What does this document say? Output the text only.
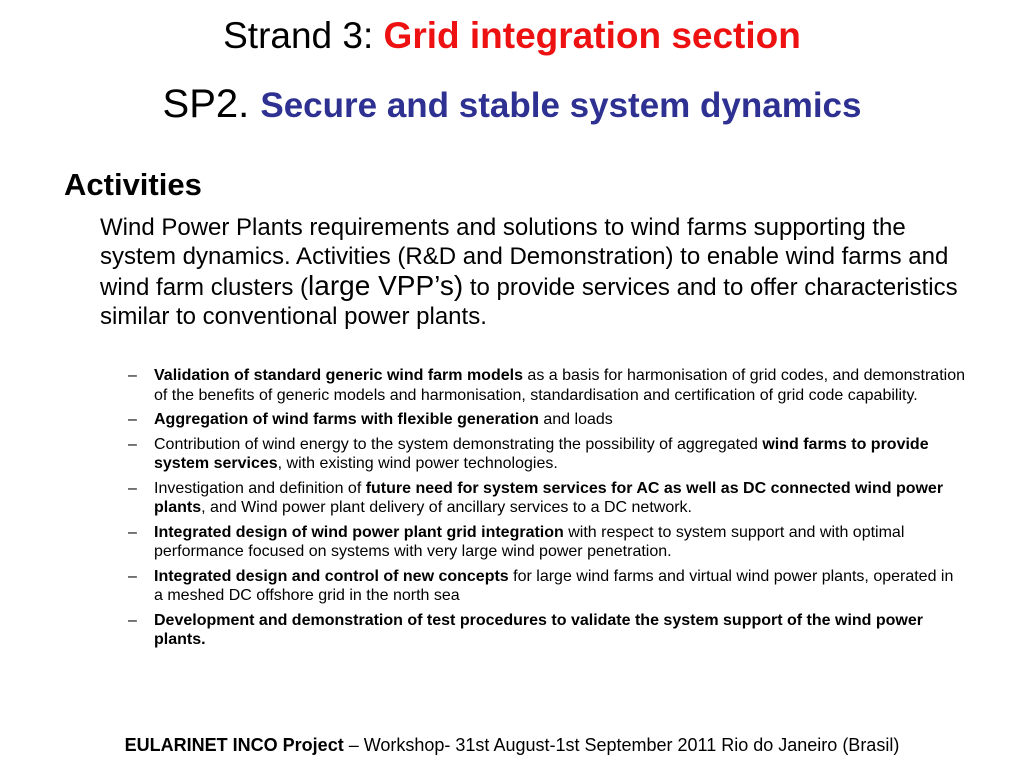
Strand 3: Grid integration section
SP2. Secure and stable system dynamics
Activities
Wind Power Plants requirements and solutions to wind farms supporting the system dynamics. Activities (R&D and Demonstration) to enable wind farms and wind farm clusters (large VPP’s) to provide services and to offer characteristics similar to conventional power plants.
– Validation of standard generic wind farm models as a basis for harmonisation of grid codes, and demonstration of the benefits of generic models and harmonisation, standardisation and certification of grid code capability.
– Aggregation of wind farms with flexible generation and loads
– Contribution of wind energy to the system demonstrating the possibility of aggregated wind farms to provide system services, with existing wind power technologies.
– Investigation and definition of future need for system services for AC as well as DC connected wind power plants, and Wind power plant delivery of ancillary services to a DC network.
– Integrated design of wind power plant grid integration with respect to system support and with optimal performance focused on systems with very large wind power penetration.
– Integrated design and control of new concepts for large wind farms and virtual wind power plants, operated in a meshed DC offshore grid in the north sea
– Development and demonstration of test procedures to validate the system support of the wind power plants.
EULARINET INCO Project – Workshop- 31st August-1st September 2011 Rio do Janeiro (Brasil)
